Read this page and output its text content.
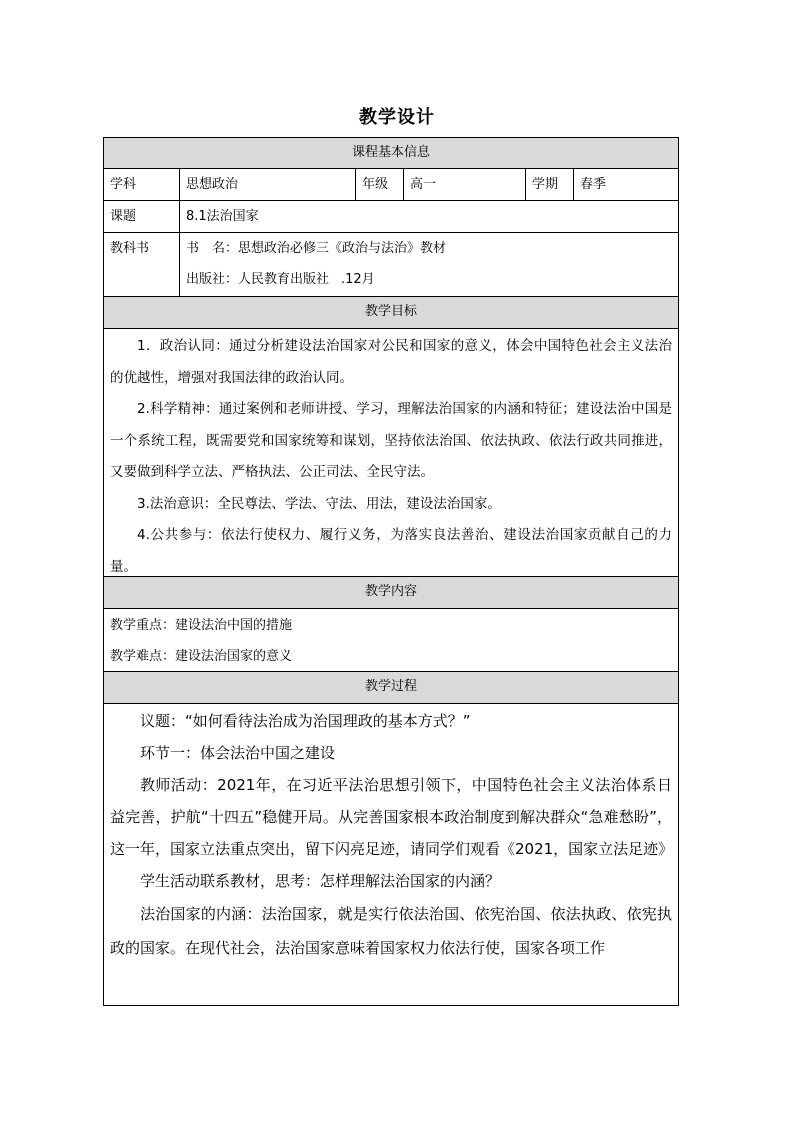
教学设计
课程基本信息
学科	思想政治	年级	高一	学期	春季
课题	8.1法治国家
教科书	书　名：思想政治必修三《政治与法治》教材
出版社：人民教育出版社 .12月
教学目标

1．政治认同：通过分析建设法治国家对公民和国家的意义，体会中国特色社会主义法治的优越性，增强对我国法律的政治认同。

2.科学精神：通过案例和老师讲授、学习，理解法治国家的内涵和特征；建设法治中国是一个系统工程，既需要党和国家统筹和谋划，坚持依法治国、依法执政、依法行政共同推进，又要做到科学立法、严格执法、公正司法、全民守法。

3.法治意识：全民尊法、学法、守法、用法，建设法治国家。

4.公共参与：依法行使权力、履行义务，为落实良法善治、建设法治国家贡献自己的力量。

教学内容
教学重点：建设法治中国的措施
教学难点：建设法治国家的意义
教学过程

议题：“如何看待法治成为治国理政的基本方式？”

环节一：体会法治中国之建设

教师活动：2021年，在习近平法治思想引领下，中国特色社会主义法治体系日益完善，护航“十四五”稳健开局。从完善国家根本政治制度到解决群众“急难愁盼”，这一年，国家立法重点突出，留下闪亮足迹，请同学们观看《2021，国家立法足迹》

学生活动联系教材，思考：怎样理解法治国家的内涵？

法治国家的内涵：法治国家，就是实行依法治国、依宪治国、依法执政、依宪执政的国家。在现代社会，法治国家意味着国家权力依法行使，国家各项工作
